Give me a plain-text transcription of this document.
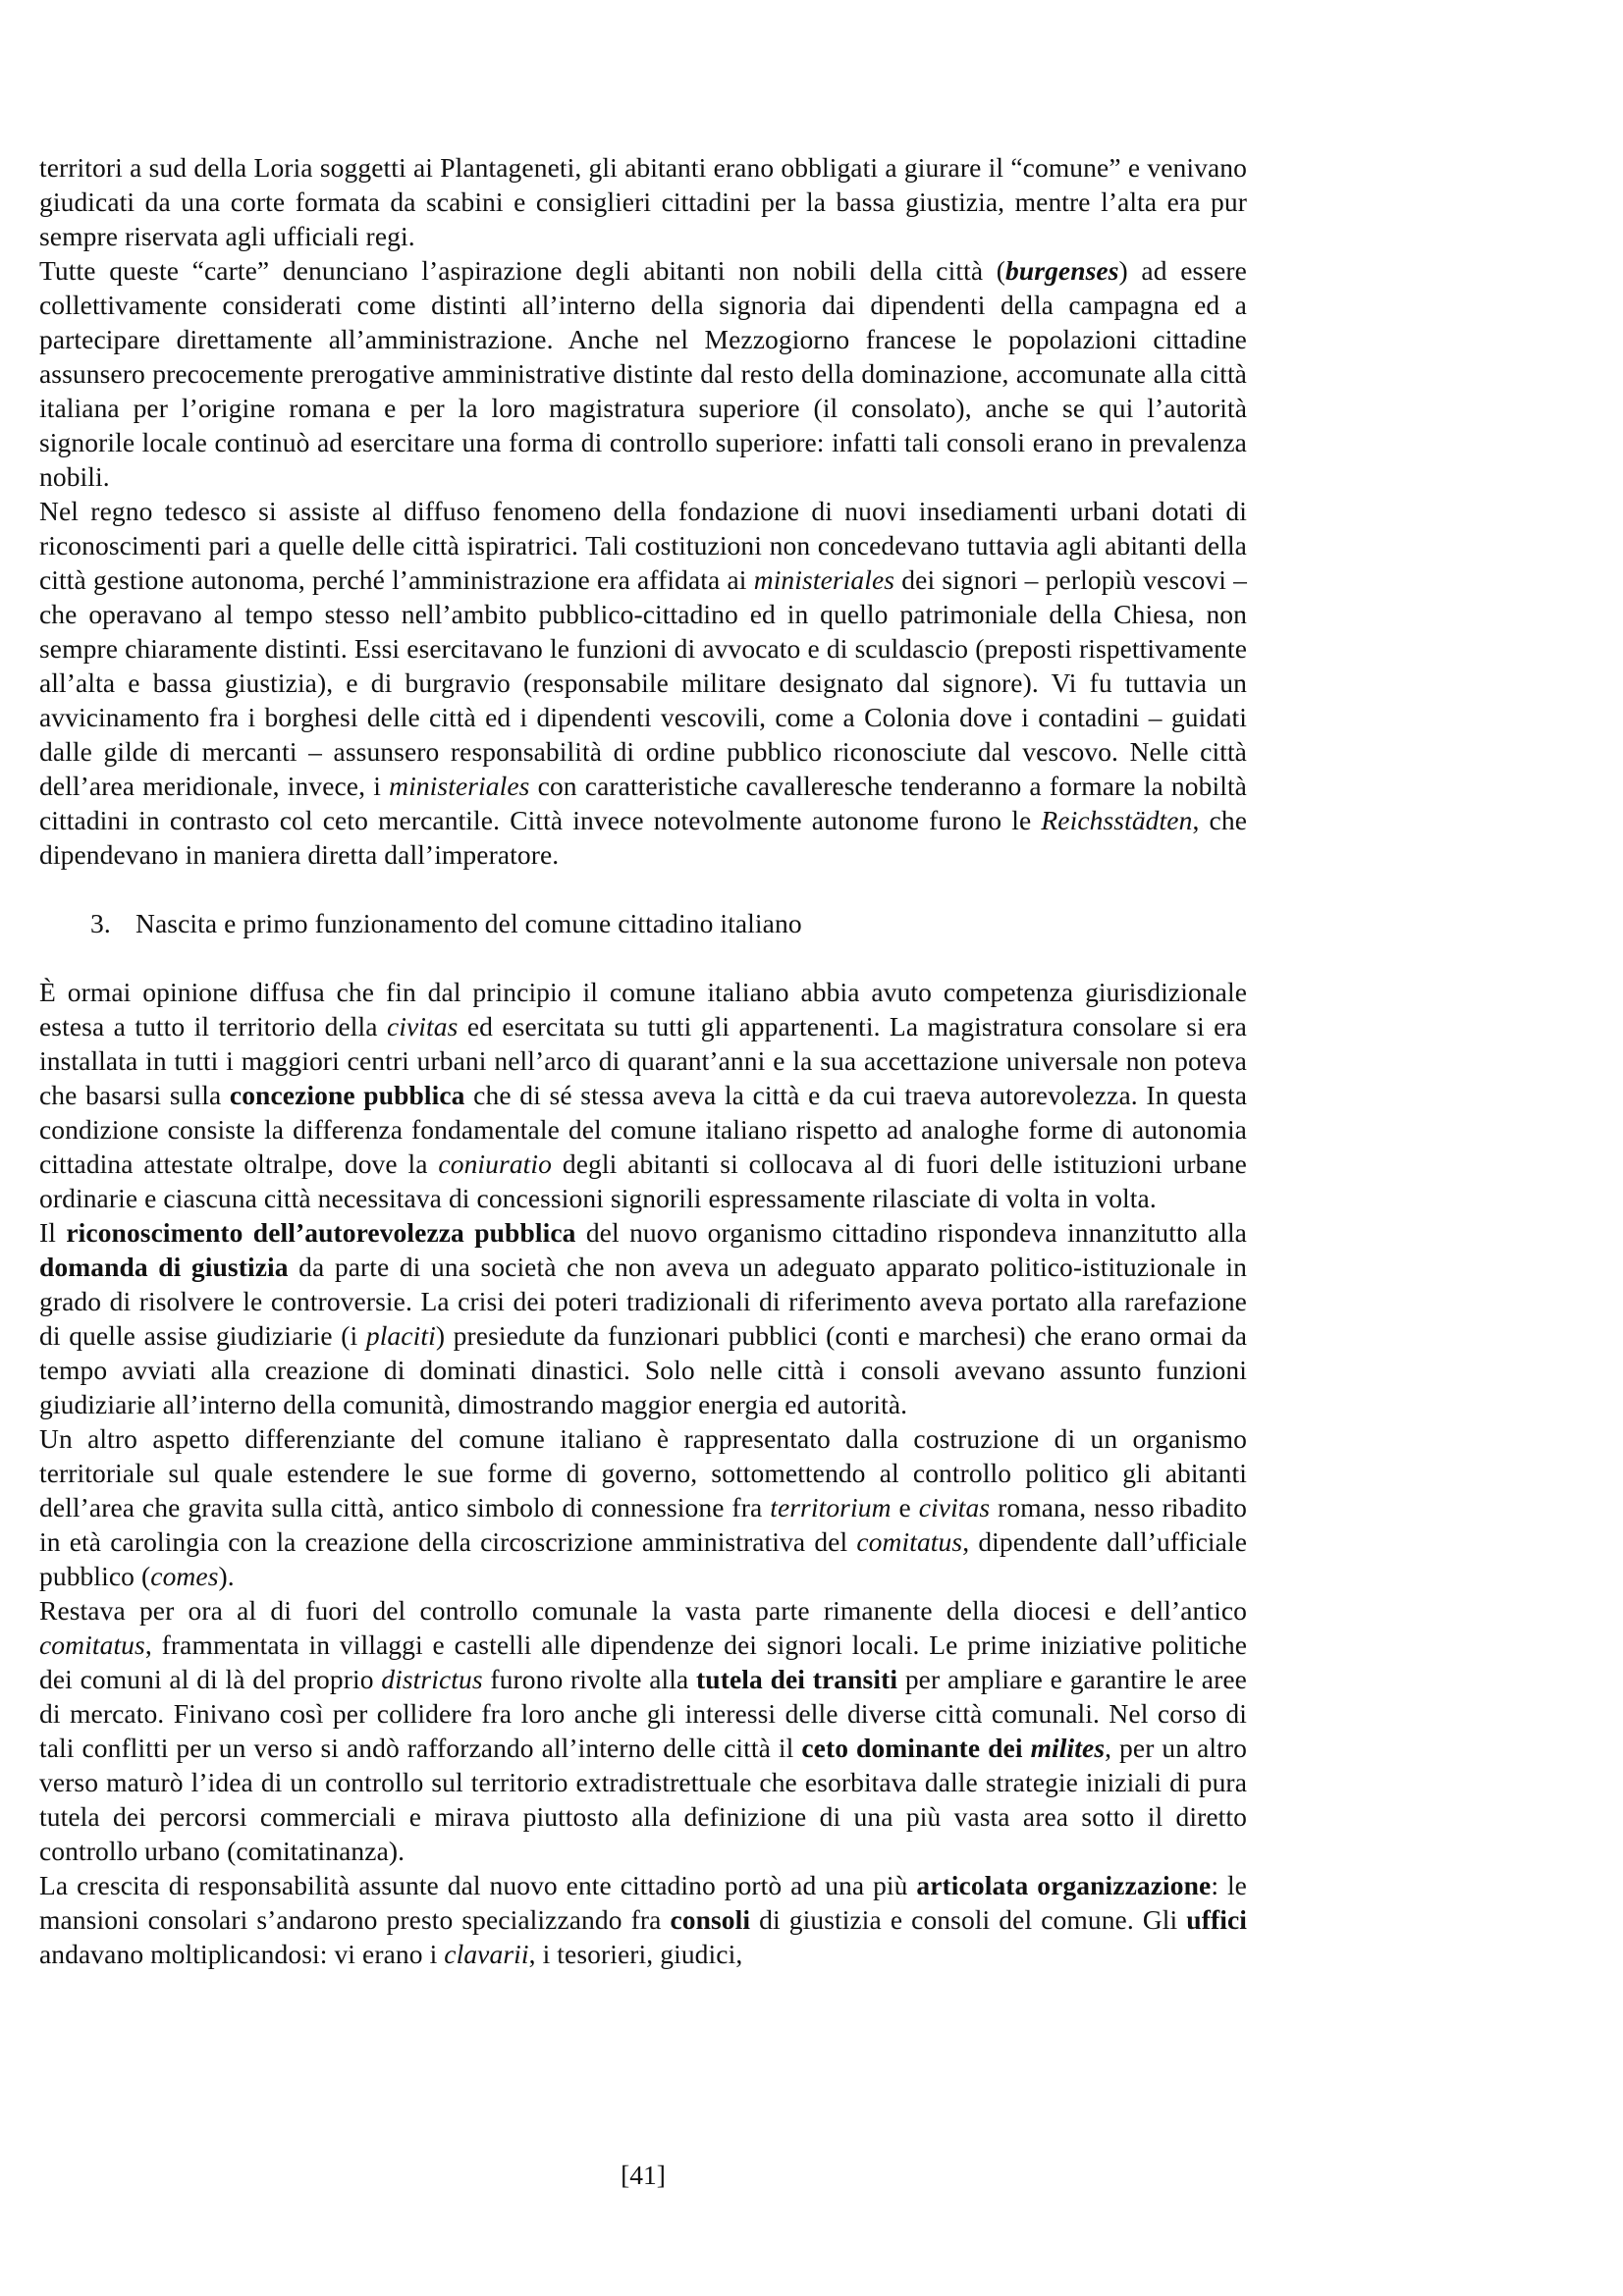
territori a sud della Loria soggetti ai Plantageneti, gli abitanti erano obbligati a giurare il “comune” e venivano giudicati da una corte formata da scabini e consiglieri cittadini per la bassa giustizia, mentre l’alta era pur sempre riservata agli ufficiali regi.

Tutte queste “carte” denunciano l’aspirazione degli abitanti non nobili della città (burgenses) ad essere collettivamente considerati come distinti all’interno della signoria dai dipendenti della campagna ed a partecipare direttamente all’amministrazione. Anche nel Mezzogiorno francese le popolazioni cittadine assunsero precocemente prerogative amministrative distinte dal resto della dominazione, accomunate alla città italiana per l’origine romana e per la loro magistratura superiore (il consolato), anche se qui l’autorità signorile locale continuò ad esercitare una forma di controllo superiore: infatti tali consoli erano in prevalenza nobili.

Nel regno tedesco si assiste al diffuso fenomeno della fondazione di nuovi insediamenti urbani dotati di riconoscimenti pari a quelle delle città ispiratrici. Tali costituzioni non concedevano tuttavia agli abitanti della città gestione autonoma, perché l’amministrazione era affidata ai ministeriales dei signori – perlopiù vescovi – che operavano al tempo stesso nell’ambito pubblico-cittadino ed in quello patrimoniale della Chiesa, non sempre chiaramente distinti. Essi esercitavano le funzioni di avvocato e di sculdascio (preposti rispettivamente all’alta e bassa giustizia), e di burgravio (responsabile militare designato dal signore). Vi fu tuttavia un avvicinamento fra i borghesi delle città ed i dipendenti vescovili, come a Colonia dove i contadini – guidati dalle gilde di mercanti – assunsero responsabilità di ordine pubblico riconosciute dal vescovo. Nelle città dell’area meridionale, invece, i ministeriales con caratteristiche cavalleresche tenderanno a formare la nobiltà cittadini in contrasto col ceto mercantile. Città invece notevolmente autonome furono le Reichsstädten, che dipendevano in maniera diretta dall’imperatore.

3. Nascita e primo funzionamento del comune cittadino italiano

È ormai opinione diffusa che fin dal principio il comune italiano abbia avuto competenza giurisdizionale estesa a tutto il territorio della civitas ed esercitata su tutti gli appartenenti. La magistratura consolare si era installata in tutti i maggiori centri urbani nell’arco di quarant’anni e la sua accettazione universale non poteva che basarsi sulla concezione pubblica che di sé stessa aveva la città e da cui traeva autorevolezza. In questa condizione consiste la differenza fondamentale del comune italiano rispetto ad analoghe forme di autonomia cittadina attestate oltralpe, dove la coniuratio degli abitanti si collocava al di fuori delle istituzioni urbane ordinarie e ciascuna città necessitava di concessioni signorili espressamente rilasciate di volta in volta.

Il riconoscimento dell’autorevolezza pubblica del nuovo organismo cittadino rispondeva innanzitutto alla domanda di giustizia da parte di una società che non aveva un adeguato apparato politico-istituzionale in grado di risolvere le controversie. La crisi dei poteri tradizionali di riferimento aveva portato alla rarefazione di quelle assise giudiziarie (i placiti) presiedute da funzionari pubblici (conti e marchesi) che erano ormai da tempo avviati alla creazione di dominati dinastici. Solo nelle città i consoli avevano assunto funzioni giudiziarie all’interno della comunità, dimostrando maggior energia ed autorità.

Un altro aspetto differenziante del comune italiano è rappresentato dalla costruzione di un organismo territoriale sul quale estendere le sue forme di governo, sottomettendo al controllo politico gli abitanti dell’area che gravita sulla città, antico simbolo di connessione fra territorium e civitas romana, nesso ribadito in età carolingia con la creazione della circoscrizione amministrativa del comitatus, dipendente dall’ufficiale pubblico (comes).

Restava per ora al di fuori del controllo comunale la vasta parte rimanente della diocesi e dell’antico comitatus, frammentata in villaggi e castelli alle dipendenze dei signori locali. Le prime iniziative politiche dei comuni al di là del proprio districtus furono rivolte alla tutela dei transiti per ampliare e garantire le aree di mercato. Finivano così per collidere fra loro anche gli interessi delle diverse città comunali. Nel corso di tali conflitti per un verso si andò rafforzando all’interno delle città il ceto dominante dei milites, per un altro verso maturò l’idea di un controllo sul territorio extradistrettuale che esorbitava dalle strategie iniziali di pura tutela dei percorsi commerciali e mirava piuttosto alla definizione di una più vasta area sotto il diretto controllo urbano (comitatinanza).

La crescita di responsabilità assunte dal nuovo ente cittadino portò ad una più articolata organizzazione: le mansioni consolari s’andarono presto specializzando fra consoli di giustizia e consoli del comune. Gli uffici andavano moltiplicandosi: vi erano i clavarii, i tesorieri, giudici,

[41]
